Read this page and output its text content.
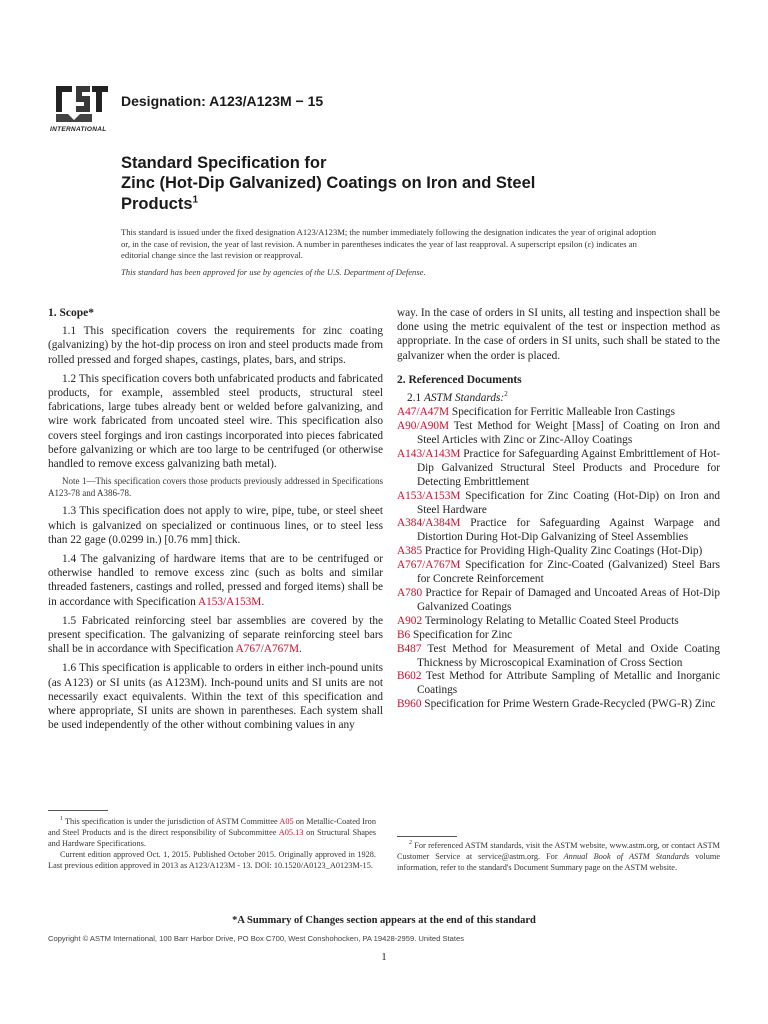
INTERNATIONAL
Designation: A123/A123M − 15
Standard Specification for
Zinc (Hot-Dip Galvanized) Coatings on Iron and Steel
Products$^1$

This standard is issued under the fixed designation A123/A123M; the number immediately following the designation indicates the year of original adoption or, in the case of revision, the year of last revision. A number in parentheses indicates the year of last reapproval. A superscript epsilon (ε) indicates an editorial change since the last revision or reapproval.

This standard has been approved for use by agencies of the U.S. Department of Defense.

1. Scope*

1.1 This specification covers the requirements for zinc coating (galvanizing) by the hot-dip process on iron and steel products made from rolled pressed and forged shapes, castings, plates, bars, and strips.

1.2 This specification covers both unfabricated products and fabricated products, for example, assembled steel products, structural steel fabrications, large tubes already bent or welded before galvanizing, and wire work fabricated from uncoated steel wire. This specification also covers steel forgings and iron castings incorporated into pieces fabricated before galvanizing or which are too large to be centrifuged (or otherwise handled to remove excess galvanizing bath metal).

Note 1—This specification covers those products previously addressed in Specifications A123-78 and A386-78.

1.3 This specification does not apply to wire, pipe, tube, or steel sheet which is galvanized on specialized or continuous lines, or to steel less than 22 gage (0.0299 in.) [0.76 mm] thick.

1.4 The galvanizing of hardware items that are to be centrifuged or otherwise handled to remove excess zinc (such as bolts and similar threaded fasteners, castings and rolled, pressed and forged items) shall be in accordance with Specification A153/A153M.

1.5 Fabricated reinforcing steel bar assemblies are covered by the present specification. The galvanizing of separate reinforcing steel bars shall be in accordance with Specification A767/A767M.

1.6 This specification is applicable to orders in either inch-pound units (as A123) or SI units (as A123M). Inch-pound units and SI units are not necessarily exact equivalents. Within the text of this specification and where appropriate, SI units are shown in parentheses. Each system shall be used independently of the other without combining values in any

way. In the case of orders in SI units, all testing and inspection shall be done using the metric equivalent of the test or inspection method as appropriate. In the case of orders in SI units, such shall be stated to the galvanizer when the order is placed.

2. Referenced Documents

2.1 ASTM Standards:$^2$

A47/A47M Specification for Ferritic Malleable Iron Castings

A90/A90M Test Method for Weight [Mass] of Coating on Iron and Steel Articles with Zinc or Zinc-Alloy Coatings

A143/A143M Practice for Safeguarding Against Embrittlement of Hot-Dip Galvanized Structural Steel Products and Procedure for Detecting Embrittlement

A153/A153M Specification for Zinc Coating (Hot-Dip) on Iron and Steel Hardware

A384/A384M Practice for Safeguarding Against Warpage and Distortion During Hot-Dip Galvanizing of Steel Assemblies

A385 Practice for Providing High-Quality Zinc Coatings (Hot-Dip)

A767/A767M Specification for Zinc-Coated (Galvanized) Steel Bars for Concrete Reinforcement

A780 Practice for Repair of Damaged and Uncoated Areas of Hot-Dip Galvanized Coatings

A902 Terminology Relating to Metallic Coated Steel Products

B6 Specification for Zinc

B487 Test Method for Measurement of Metal and Oxide Coating Thickness by Microscopical Examination of Cross Section

B602 Test Method for Attribute Sampling of Metallic and Inorganic Coatings

B960 Specification for Prime Western Grade-Recycled (PWG-R) Zinc

$^1$ This specification is under the jurisdiction of ASTM Committee A05 on Metallic-Coated Iron and Steel Products and is the direct responsibility of Subcommittee A05.13 on Structural Shapes and Hardware Specifications.

Current edition approved Oct. 1, 2015. Published October 2015. Originally approved in 1928. Last previous edition approved in 2013 as A123/A123M - 13. DOI: 10.1520/A0123_A0123M-15.

$^2$ For referenced ASTM standards, visit the ASTM website, www.astm.org, or contact ASTM Customer Service at service@astm.org. For Annual Book of ASTM Standards volume information, refer to the standard's Document Summary page on the ASTM website.

*A Summary of Changes section appears at the end of this standard
Copyright © ASTM International, 100 Barr Harbor Drive, PO Box C700, West Conshohocken, PA 19428-2959. United States
1
